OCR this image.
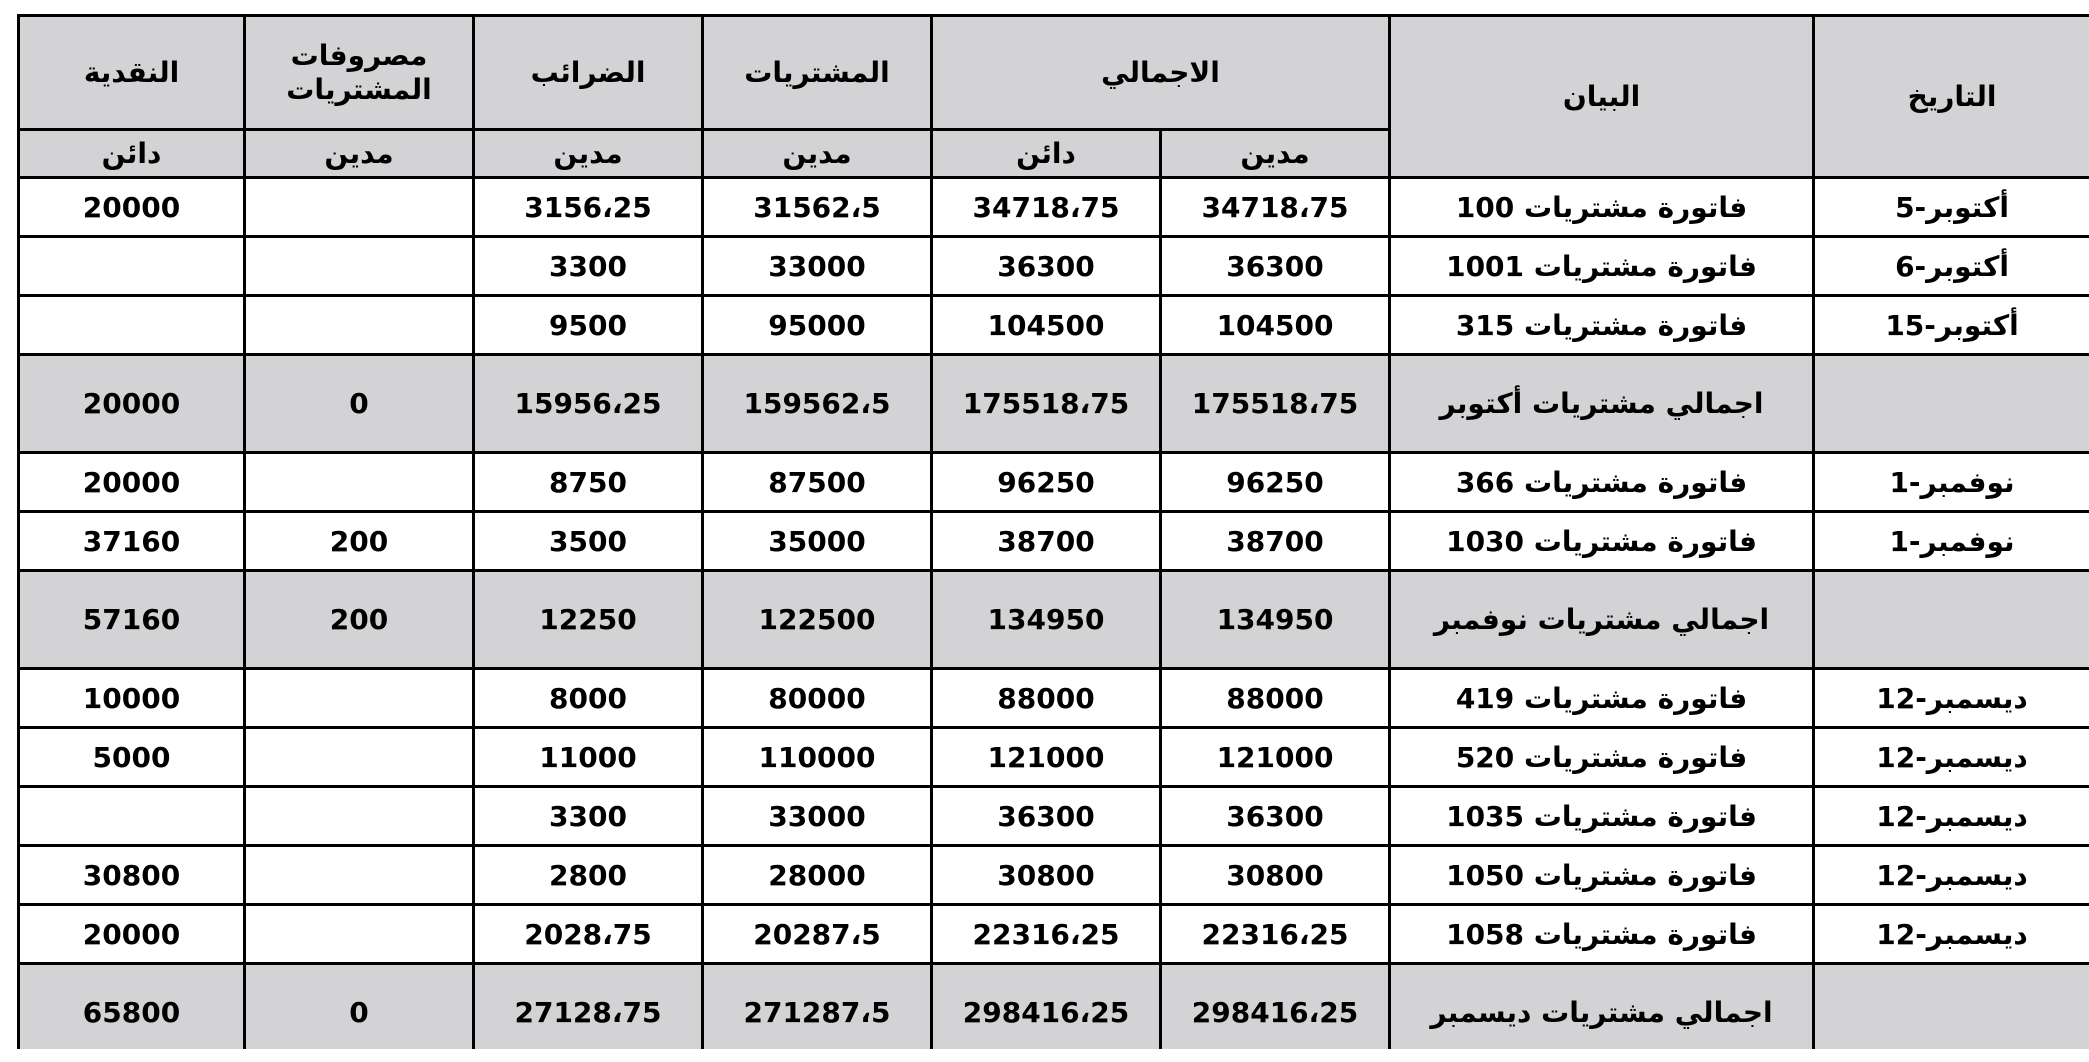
التاريخ	البيان	الاجمالي		المشتريات	الضرائب	مصروفات المشتريات	النقدية
		مدين	دائن	مدين	مدين	مدين	دائن
أكتوبر-5	فاتورة مشتريات 100	34718،75	34718،75	31562،5	3156،25		20000
أكتوبر-6	فاتورة مشتريات 1001	36300	36300	33000	3300		
أكتوبر-15	فاتورة مشتريات 315	104500	104500	95000	9500		
	اجمالي مشتريات أكتوبر	175518،75	175518،75	159562،5	15956،25	0	20000
نوفمبر-1	فاتورة مشتريات 366	96250	96250	87500	8750		20000
نوفمبر-1	فاتورة مشتريات 1030	38700	38700	35000	3500	200	37160
	اجمالي مشتريات نوفمبر	134950	134950	122500	12250	200	57160
ديسمبر-12	فاتورة مشتريات 419	88000	88000	80000	8000		10000
ديسمبر-12	فاتورة مشتريات 520	121000	121000	110000	11000		5000
ديسمبر-12	فاتورة مشتريات 1035	36300	36300	33000	3300		
ديسمبر-12	فاتورة مشتريات 1050	30800	30800	28000	2800		30800
ديسمبر-12	فاتورة مشتريات 1058	22316،25	22316،25	20287،5	2028،75		20000
	اجمالي مشتريات ديسمبر	298416،25	298416،25	271287،5	27128،75	0	65800
